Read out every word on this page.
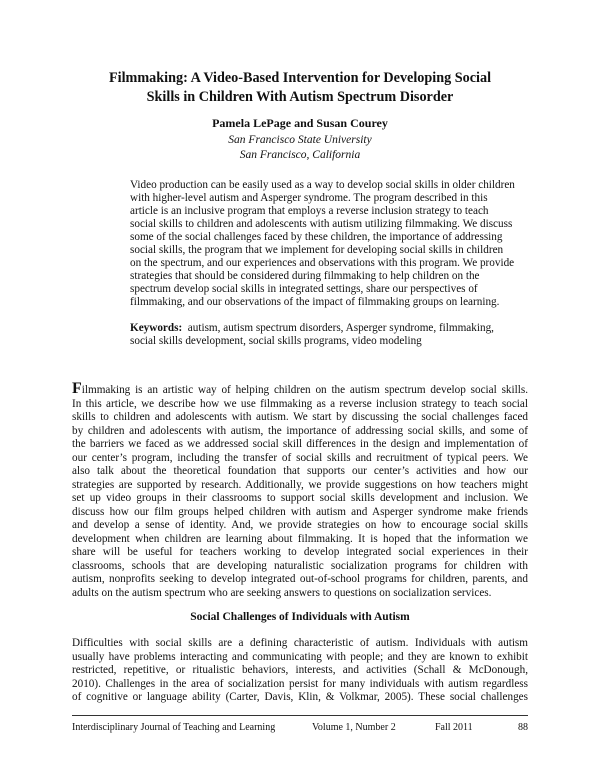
Filmmaking: A Video-Based Intervention for Developing Social
Skills in Children With Autism Spectrum Disorder
Pamela LePage and Susan Courey
San Francisco State University
San Francisco, California
Video production can be easily used as a way to develop social skills in older children
with higher-level autism and Asperger syndrome. The program described in this
article is an inclusive program that employs a reverse inclusion strategy to teach
social skills to children and adolescents with autism utilizing filmmaking. We discuss
some of the social challenges faced by these children, the importance of addressing
social skills, the program that we implement for developing social skills in children
on the spectrum, and our experiences and observations with this program. We provide
strategies that should be considered during filmmaking to help children on the
spectrum develop social skills in integrated settings, share our perspectives of
filmmaking, and our observations of the impact of filmmaking groups on learning.
Keywords: autism, autism spectrum disorders, Asperger syndrome, filmmaking,
social skills development, social skills programs, video modeling
Filmmaking is an artistic way of helping children on the autism spectrum develop social skills.
In this article, we describe how we use filmmaking as a reverse inclusion strategy to teach social
skills to children and adolescents with autism. We start by discussing the social challenges faced
by children and adolescents with autism, the importance of addressing social skills, and some of
the barriers we faced as we addressed social skill differences in the design and implementation of
our center’s program, including the transfer of social skills and recruitment of typical peers. We
also talk about the theoretical foundation that supports our center’s activities and how our
strategies are supported by research. Additionally, we provide suggestions on how teachers might
set up video groups in their classrooms to support social skills development and inclusion. We
discuss how our film groups helped children with autism and Asperger syndrome make friends
and develop a sense of identity. And, we provide strategies on how to encourage social skills
development when children are learning about filmmaking. It is hoped that the information we
share will be useful for teachers working to develop integrated social experiences in their
classrooms, schools that are developing naturalistic socialization programs for children with
autism, nonprofits seeking to develop integrated out-of-school programs for children, parents, and
adults on the autism spectrum who are seeking answers to questions on socialization services.
Social Challenges of Individuals with Autism
Difficulties with social skills are a defining characteristic of autism. Individuals with autism
usually have problems interacting and communicating with people; and they are known to exhibit
restricted, repetitive, or ritualistic behaviors, interests, and activities (Schall & McDonough,
2010). Challenges in the area of socialization persist for many individuals with autism regardless
of cognitive or language ability (Carter, Davis, Klin, & Volkmar, 2005). These social challenges
Interdisciplinary Journal of Teaching and Learning	Volume 1, Number 2	Fall 2011	88
